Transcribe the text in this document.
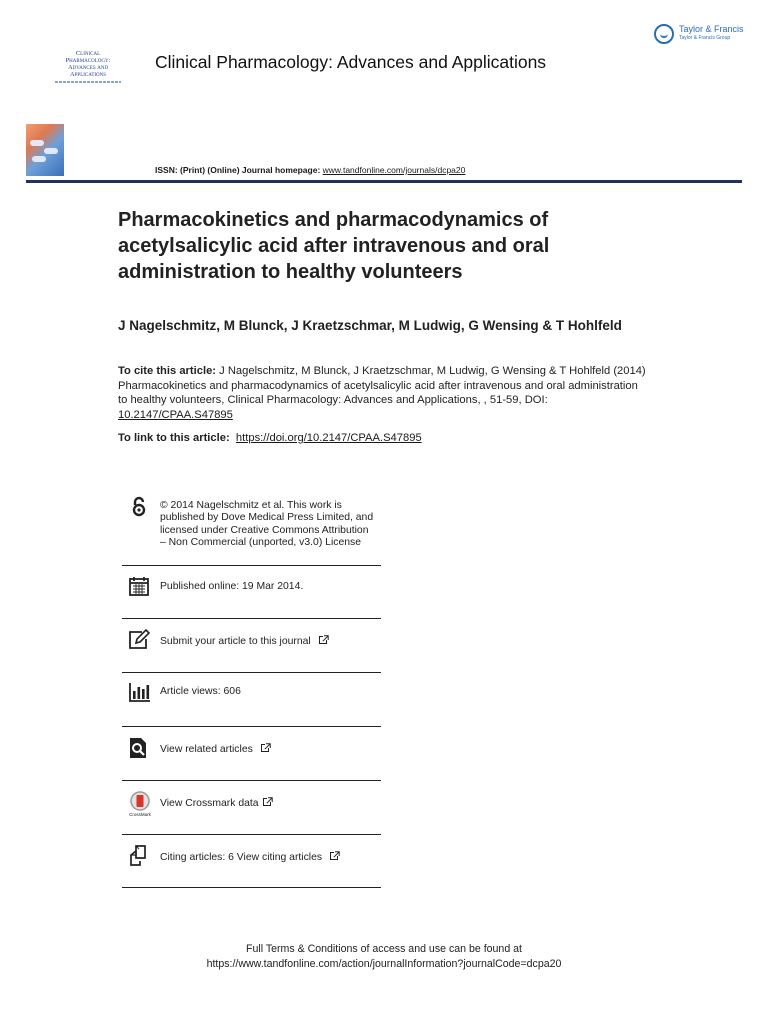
Taylor & Francis
Taylor & Francis Group
Clinical
Pharmacology:
Advances and
Applications
Clinical Pharmacology: Advances and Applications
ISSN: (Print) (Online) Journal homepage: www.tandfonline.com/journals/dcpa20
Pharmacokinetics and pharmacodynamics of acetylsalicylic acid after intravenous and oral administration to healthy volunteers
J Nagelschmitz, M Blunck, J Kraetzschmar, M Ludwig, G Wensing & T Hohlfeld
To cite this article: J Nagelschmitz, M Blunck, J Kraetzschmar, M Ludwig, G Wensing & T Hohlfeld (2014) Pharmacokinetics and pharmacodynamics of acetylsalicylic acid after intravenous and oral administration to healthy volunteers, Clinical Pharmacology: Advances and Applications, , 51-59, DOI: 10.2147/CPAA.S47895
To link to this article: https://doi.org/10.2147/CPAA.S47895
© 2014 Nagelschmitz et al. This work is published by Dove Medical Press Limited, and licensed under Creative Commons Attribution – Non Commercial (unported, v3.0) License
Published online: 19 Mar 2014.
Submit your article to this journal
Article views: 606
View related articles
CrossMark
View Crossmark data
Citing articles: 6 View citing articles
Full Terms & Conditions of access and use can be found at
https://www.tandfonline.com/action/journalInformation?journalCode=dcpa20
